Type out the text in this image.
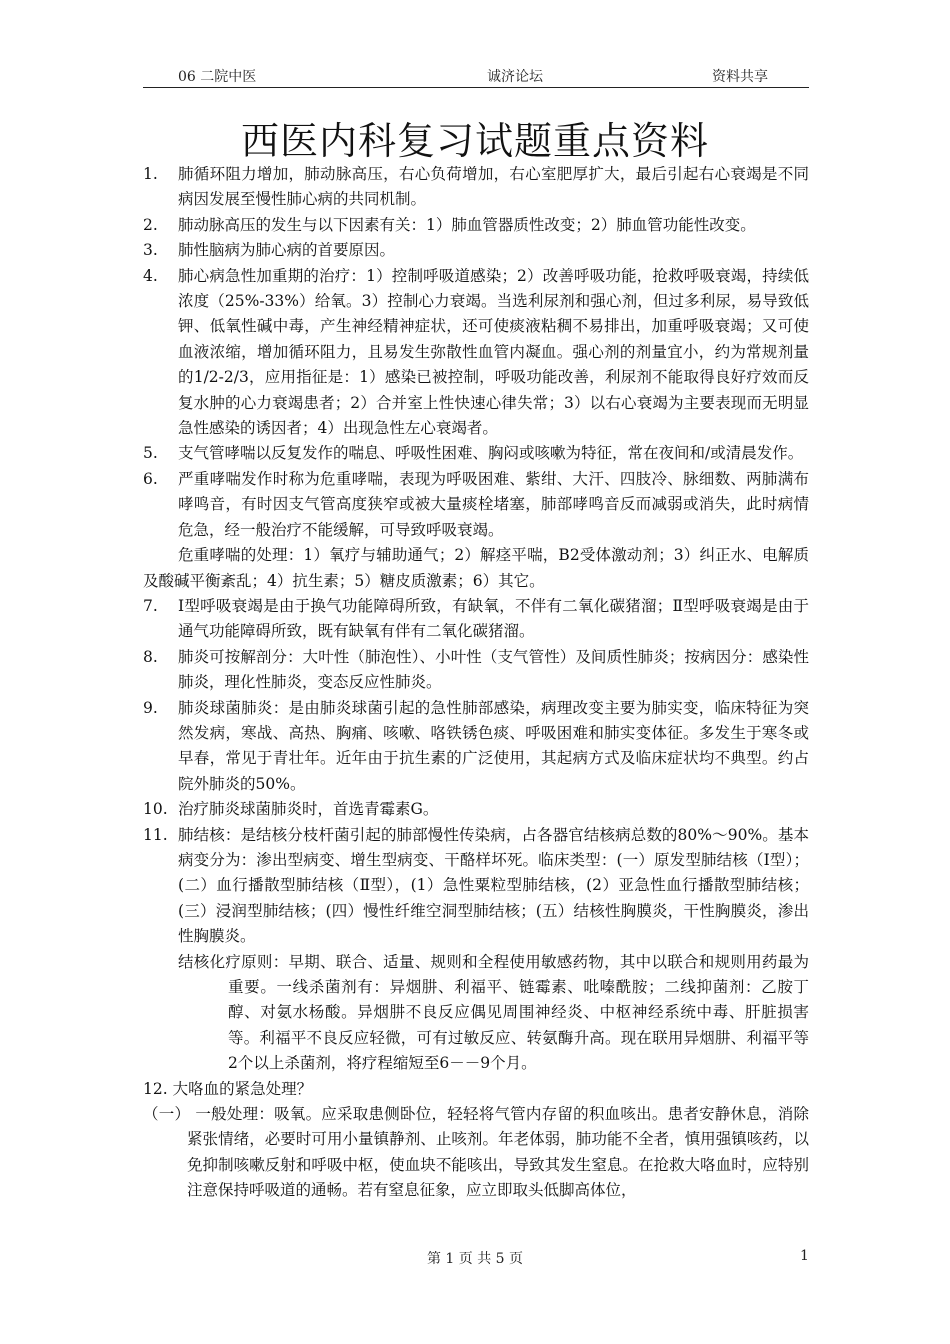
06 二院中医	诚济论坛	资料共享
西医内科复习试题重点资料
1. 肺循环阻力增加，肺动脉高压，右心负荷增加，右心室肥厚扩大，最后引起右心衰竭是不同病因发展至慢性肺心病的共同机制。
2. 肺动脉高压的发生与以下因素有关：1）肺血管器质性改变；2）肺血管功能性改变。
3. 肺性脑病为肺心病的首要原因。
4. 肺心病急性加重期的治疗：1）控制呼吸道感染；2）改善呼吸功能，抢救呼吸衰竭，持续低浓度（25%-33%）给氧。3）控制心力衰竭。当选利尿剂和强心剂，但过多利尿，易导致低钾、低氧性碱中毒，产生神经精神症状，还可使痰液粘稠不易排出，加重呼吸衰竭；又可使血液浓缩，增加循环阻力，且易发生弥散性血管内凝血。强心剂的剂量宜小，约为常规剂量的1/2-2/3，应用指征是：1）感染已被控制，呼吸功能改善，利尿剂不能取得良好疗效而反复水肿的心力衰竭患者；2）合并室上性快速心律失常；3）以右心衰竭为主要表现而无明显急性感染的诱因者；4）出现急性左心衰竭者。
5. 支气管哮喘以反复发作的喘息、呼吸性困难、胸闷或咳嗽为特征，常在夜间和/或清晨发作。
6. 严重哮喘发作时称为危重哮喘，表现为呼吸困难、紫绀、大汗、四肢冷、脉细数、两肺满布哮鸣音，有时因支气管高度狭窄或被大量痰栓堵塞，肺部哮鸣音反而减弱或消失，此时病情危急，经一般治疗不能缓解，可导致呼吸衰竭。
危重哮喘的处理：1）氧疗与辅助通气；2）解痉平喘，B2受体激动剂；3）纠正水、电解质及酸碱平衡紊乱；4）抗生素；5）糖皮质激素；6）其它。
7. Ⅰ型呼吸衰竭是由于换气功能障碍所致，有缺氧，不伴有二氧化碳猪溜；Ⅱ型呼吸衰竭是由于通气功能障碍所致，既有缺氧有伴有二氧化碳猪溜。
8. 肺炎可按解剖分：大叶性（肺泡性）、小叶性（支气管性）及间质性肺炎；按病因分：感染性肺炎，理化性肺炎，变态反应性肺炎。
9. 肺炎球菌肺炎：是由肺炎球菌引起的急性肺部感染，病理改变主要为肺实变，临床特征为突然发病，寒战、高热、胸痛、咳嗽、咯铁锈色痰、呼吸困难和肺实变体征。多发生于寒冬或早春，常见于青壮年。近年由于抗生素的广泛使用，其起病方式及临床症状均不典型。约占院外肺炎的50%。
10. 治疗肺炎球菌肺炎时，首选青霉素G。
11. 肺结核：是结核分枝杆菌引起的肺部慢性传染病，占各器官结核病总数的80%～90%。基本病变分为：渗出型病变、增生型病变、干酪样坏死。临床类型：(一）原发型肺结核（Ⅰ型）；(二）血行播散型肺结核（Ⅱ型），(1）急性粟粒型肺结核，(2）亚急性血行播散型肺结核；(三）浸润型肺结核；(四）慢性纤维空洞型肺结核；(五）结核性胸膜炎，干性胸膜炎，渗出性胸膜炎。
结核化疗原则：早期、联合、适量、规则和全程使用敏感药物，其中以联合和规则用药最为重要。一线杀菌剂有：异烟肼、利福平、链霉素、吡嗪酰胺；二线抑菌剂：乙胺丁醇、对氨水杨酸。异烟肼不良反应偶见周围神经炎、中枢神经系统中毒、肝脏损害等。利福平不良反应轻微，可有过敏反应、转氨酶升高。现在联用异烟肼、利福平等2个以上杀菌剂，将疗程缩短至6－－9个月。
12. 大咯血的紧急处理？
（一） 一般处理：吸氧。应采取患侧卧位，轻轻将气管内存留的积血咳出。患者安静休息，消除紧张情绪，必要时可用小量镇静剂、止咳剂。年老体弱，肺功能不全者，慎用强镇咳药，以免抑制咳嗽反射和呼吸中枢，使血块不能咳出，导致其发生窒息。在抢救大咯血时，应特别注意保持呼吸道的通畅。若有窒息征象，应立即取头低脚高体位，
第 1 页 共 5 页	1
